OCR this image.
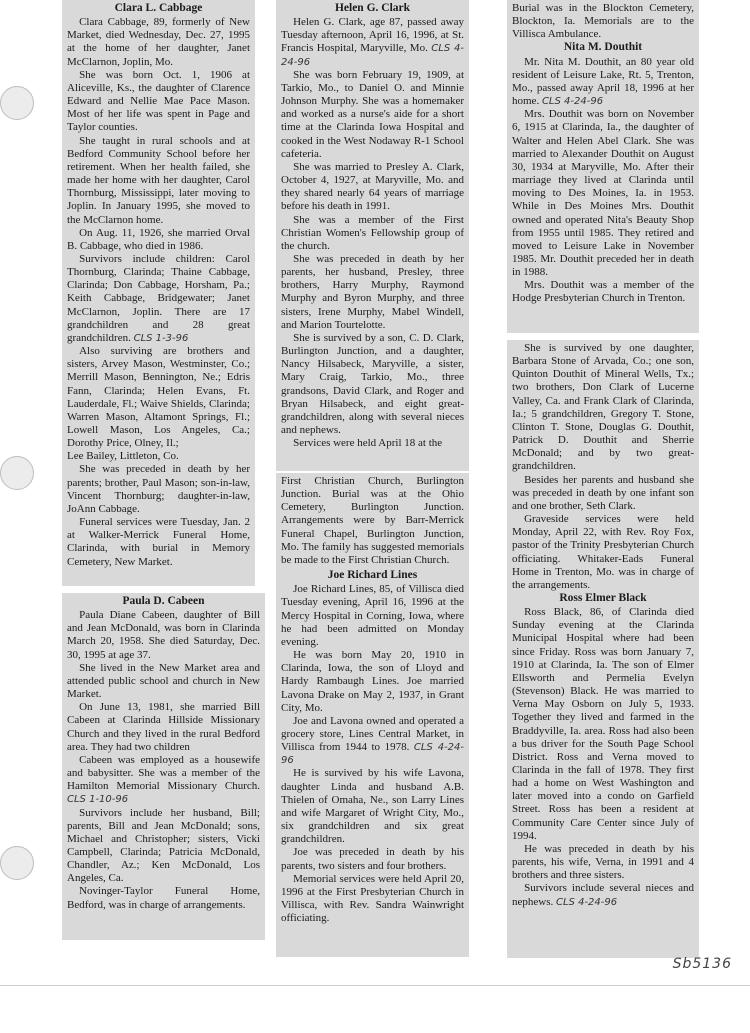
Clara L. Cabbage

Clara Cabbage, 89, formerly of New Market, died Wednesday, Dec. 27, 1995 at the home of her daughter, Janet McClarnon, Joplin, Mo.

She was born Oct. 1, 1906 at Aliceville, Ks., the daughter of Clarence Edward and Nellie Mae Pace Mason. Most of her life was spent in Page and Taylor counties.

She taught in rural schools and at Bedford Community School before her retirement. When her health failed, she made her home with her daughter, Carol Thornburg, Mississippi, later moving to Joplin. In January 1995, she moved to the McClarnon home.

On Aug. 11, 1926, she married Orval B. Cabbage, who died in 1986.

Survivors include children: Carol Thornburg, Clarinda; Thaine Cabbage, Clarinda; Don Cabbage, Horsham, Pa.; Keith Cabbage, Bridgewater; Janet McClarnon, Joplin. There are 17 grandchildren and 28 great grandchildren. CLS 1-3-96

Also surviving are brothers and sisters, Arvey Mason, Westminster, Co.; Merrill Mason, Bennington, Ne.; Edris Fann, Clarinda; Helen Evans, Ft. Lauderdale, Fl.; Waive Shields, Clarinda; Warren Mason, Altamont Springs, Fl.; Lowell Mason, Los Angeles, Ca.; Dorothy Price, Olney, Il.;

Lee Bailey, Littleton, Co.

She was preceded in death by her parents; brother, Paul Mason; son-in-law, Vincent Thornburg; daughter-in-law, JoAnn Cabbage.

Funeral services were Tuesday, Jan. 2 at Walker-Merrick Funeral Home, Clarinda, with burial in Memory Cemetery, New Market.

Paula D. Cabeen

Paula Diane Cabeen, daughter of Bill and Jean McDonald, was born in Clarinda March 20, 1958. She died Saturday, Dec. 30, 1995 at age 37.

She lived in the New Market area and attended public school and church in New Market.

On June 13, 1981, she married Bill Cabeen at Clarinda Hillside Missionary Church and they lived in the rural Bedford area. They had two children

Cabeen was employed as a housewife and babysitter. She was a member of the Hamilton Memorial Missionary Church. CLS 1-10-96

Survivors include her husband, Bill; parents, Bill and Jean McDonald; sons, Michael and Christopher; sisters, Vicki Campbell, Clarinda; Patricia McDonald, Chandler, Az.; Ken McDonald, Los Angeles, Ca.

Novinger-Taylor Funeral Home, Bedford, was in charge of arrangements.

Helen G. Clark

Helen G. Clark, age 87, passed away Tuesday afternoon, April 16, 1996, at St. Francis Hospital, Maryville, Mo. CLS 4-24-96

She was born February 19, 1909, at Tarkio, Mo., to Daniel O. and Minnie Johnson Murphy. She was a homemaker and worked as a nurse's aide for a short time at the Clarinda Iowa Hospital and cooked in the West Nodaway R-1 School cafeteria.

She was married to Presley A. Clark, October 4, 1927, at Maryville, Mo. and they shared nearly 64 years of marriage before his death in 1991.

She was a member of the First Christian Women's Fellowship group of the church.

She was preceded in death by her parents, her husband, Presley, three brothers, Harry Murphy, Raymond Murphy and Byron Murphy, and three sisters, Irene Murphy, Mabel Windell, and Marion Tourtelotte.

She is survived by a son, C. D. Clark, Burlington Junction, and a daughter, Nancy Hilsabeck, Maryville, a sister, Mary Craig, Tarkio, Mo., three grandsons, David Clark, and Roger and Bryan Hilsabeck, and eight great-grandchildren, along with several nieces and nephews.

Services were held April 18 at the

First Christian Church, Burlington Junction. Burial was at the Ohio Cemetery, Burlington Junction. Arrangements were by Barr-Merrick Funeral Chapel, Burlington Junction, Mo. The family has suggested memorials be made to the First Christian Church.

Joe Richard Lines

Joe Richard Lines, 85, of Villisca died Tuesday evening, April 16, 1996 at the Mercy Hospital in Corning, Iowa, where he had been admitted on Monday evening.

He was born May 20, 1910 in Clarinda, Iowa, the son of Lloyd and Hardy Rambaugh Lines. Joe married Lavona Drake on May 2, 1937, in Grant City, Mo.

Joe and Lavona owned and operated a grocery store, Lines Central Market, in Villisca from 1944 to 1978. CLS 4-24-96

He is survived by his wife Lavona, daughter Linda and husband A.B. Thielen of Omaha, Ne., son Larry Lines and wife Margaret of Wright City, Mo., six grandchildren and six great grandchildren.

Joe was preceded in death by his parents, two sisters and four brothers.

Memorial services were held April 20, 1996 at the First Presbyterian Church in Villisca, with Rev. Sandra Wainwright officiating.

Burial was in the Blockton Cemetery, Blockton, Ia. Memorials are to the Villisca Ambulance.

Nita M. Douthit

Mr. Nita M. Douthit, an 80 year old resident of Leisure Lake, Rt. 5, Trenton, Mo., passed away April 18, 1996 at her home. CLS 4-24-96

Mrs. Douthit was born on November 6, 1915 at Clarinda, Ia., the daughter of Walter and Helen Abel Clark. She was married to Alexander Douthit on August 30, 1934 at Maryville, Mo. After their marriage they lived at Clarinda until moving to Des Moines, Ia. in 1953. While in Des Moines Mrs. Douthit owned and operated Nita's Beauty Shop from 1955 until 1985. They retired and moved to Leisure Lake in November 1985. Mr. Douthit preceded her in death in 1988.

Mrs. Douthit was a member of the Hodge Presbyterian Church in Trenton.

She is survived by one daughter, Barbara Stone of Arvada, Co.; one son, Quinton Douthit of Mineral Wells, Tx.; two brothers, Don Clark of Lucerne Valley, Ca. and Frank Clark of Clarinda, Ia.; 5 grandchildren, Gregory T. Stone, Clinton T. Stone, Douglas G. Douthit, Patrick D. Douthit and Sherrie McDonald; and by two great-grandchildren.

Besides her parents and husband she was preceded in death by one infant son and one brother, Seth Clark.

Graveside services were held Monday, April 22, with Rev. Roy Fox, pastor of the Trinity Presbyterian Church officiating. Whitaker-Eads Funeral Home in Trenton, Mo. was in charge of the arrangements.

Ross Elmer Black

Ross Black, 86, of Clarinda died Sunday evening at the Clarinda Municipal Hospital where had been since Friday. Ross was born January 7, 1910 at Clarinda, Ia. The son of Elmer Ellsworth and Permelia Evelyn (Stevenson) Black. He was married to Verna May Osborn on July 5, 1933. Together they lived and farmed in the Braddyville, Ia. area. Ross had also been a bus driver for the South Page School District. Ross and Verna moved to Clarinda in the fall of 1978. They first had a home on West Washington and later moved into a condo on Garfield Street. Ross has been a resident at Community Care Center since July of 1994.

He was preceded in death by his parents, his wife, Verna, in 1991 and 4 brothers and three sisters.

Survivors include several nieces and nephews. CLS 4-24-96

Sb5136
